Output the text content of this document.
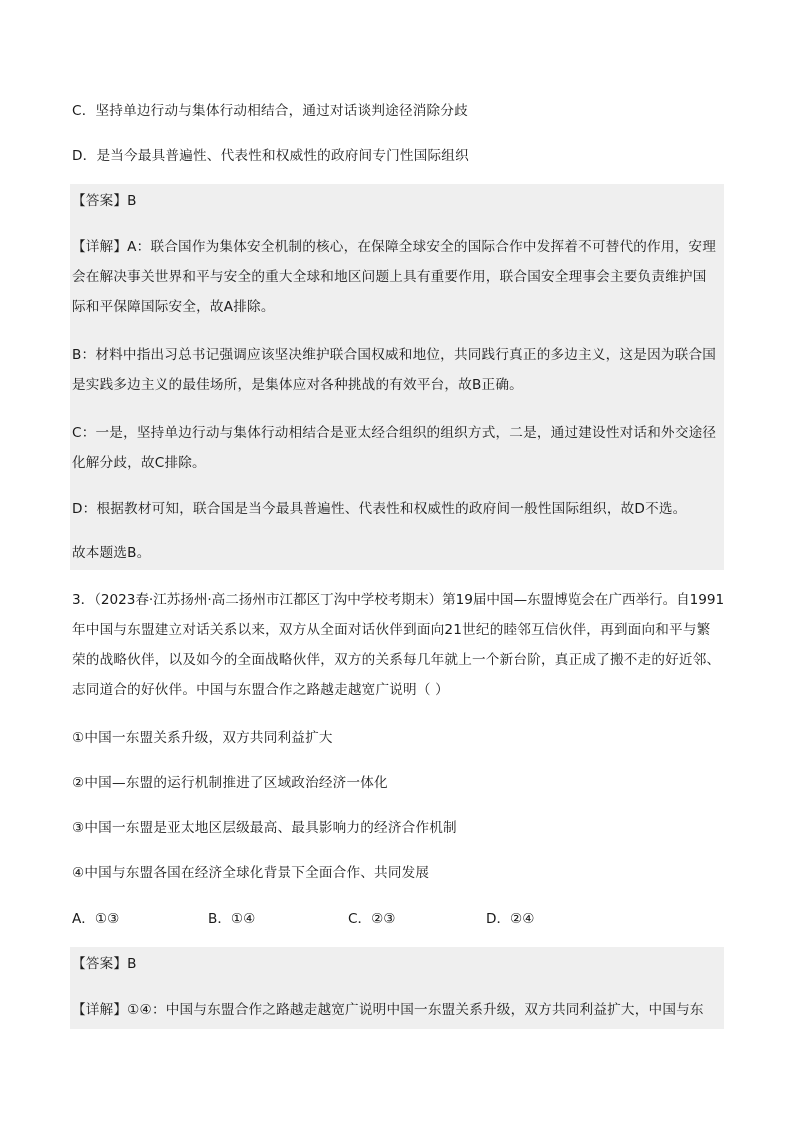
C．坚持单边行动与集体行动相结合，通过对话谈判途径消除分歧
D．是当今最具普遍性、代表性和权威性的政府间专门性国际组织
【答案】B
【详解】A：联合国作为集体安全机制的核心，在保障全球安全的国际合作中发挥着不可替代的作用，安理
会在解决事关世界和平与安全的重大全球和地区问题上具有重要作用，联合国安全理事会主要负责维护国
际和平保障国际安全，故A排除。
B：材料中指出习总书记强调应该坚决维护联合国权威和地位，共同践行真正的多边主义，这是因为联合国
是实践多边主义的最佳场所，是集体应对各种挑战的有效平台，故B正确。
C：一是，坚持单边行动与集体行动相结合是亚太经合组织的组织方式，二是，通过建设性对话和外交途径
化解分歧，故C排除。
D：根据教材可知，联合国是当今最具普遍性、代表性和权威性的政府间一般性国际组织，故D不选。
故本题选B。
3．（2023春·江苏扬州·高二扬州市江都区丁沟中学校考期末）第19届中国—东盟博览会在广西举行。自1991
年中国与东盟建立对话关系以来，双方从全面对话伙伴到面向21世纪的睦邻互信伙伴，再到面向和平与繁
荣的战略伙伴，以及如今的全面战略伙伴，双方的关系每几年就上一个新台阶，真正成了搬不走的好近邻、
志同道合的好伙伴。中国与东盟合作之路越走越宽广说明（ ）
①中国一东盟关系升级，双方共同利益扩大
②中国—东盟的运行机制推进了区域政治经济一体化
③中国一东盟是亚太地区层级最高、最具影响力的经济合作机制
④中国与东盟各国在经济全球化背景下全面合作、共同发展
A．①③	B．①④	C．②③	D．②④
【答案】B
【详解】①④：中国与东盟合作之路越走越宽广说明中国一东盟关系升级，双方共同利益扩大，中国与东
